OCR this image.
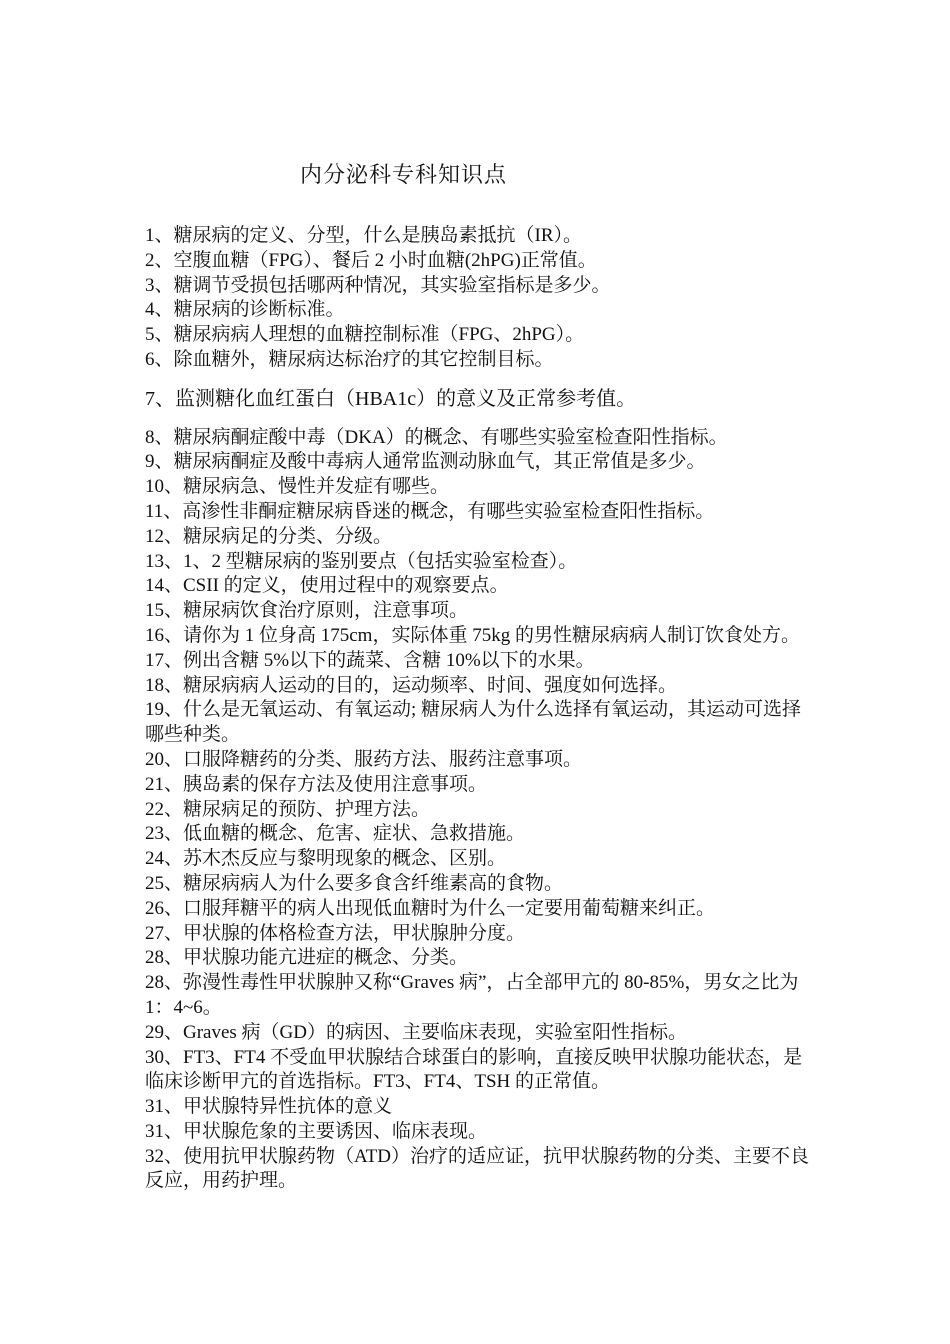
内分泌科专科知识点

1、糖尿病的定义、分型，什么是胰岛素抵抗（IR）。

2、空腹血糖（FPG）、餐后 2 小时血糖(2hPG)正常值。

3、糖调节受损包括哪两种情况，其实验室指标是多少。

4、糖尿病的诊断标准。

5、糖尿病病人理想的血糖控制标准（FPG、2hPG）。

6、除血糖外，糖尿病达标治疗的其它控制目标。

7、监测糖化血红蛋白（HBA1c）的意义及正常参考值。

8、糖尿病酮症酸中毒（DKA）的概念、有哪些实验室检查阳性指标。

9、糖尿病酮症及酸中毒病人通常监测动脉血气，其正常值是多少。

10、糖尿病急、慢性并发症有哪些。

11、高渗性非酮症糖尿病昏迷的概念，有哪些实验室检查阳性指标。

12、糖尿病足的分类、分级。

13、1、2 型糖尿病的鉴别要点（包括实验室检查）。

14、CSII 的定义，使用过程中的观察要点。

15、糖尿病饮食治疗原则，注意事项。

16、请你为 1 位身高 175cm，实际体重 75kg 的男性糖尿病病人制订饮食处方。

17、例出含糖 5%以下的蔬菜、含糖 10%以下的水果。

18、糖尿病病人运动的目的，运动频率、时间、强度如何选择。

19、什么是无氧运动、有氧运动; 糖尿病人为什么选择有氧运动，其运动可选择哪些种类。

20、口服降糖药的分类、服药方法、服药注意事项。

21、胰岛素的保存方法及使用注意事项。

22、糖尿病足的预防、护理方法。

23、低血糖的概念、危害、症状、急救措施。

24、苏木杰反应与黎明现象的概念、区别。

25、糖尿病病人为什么要多食含纤维素高的食物。

26、口服拜糖平的病人出现低血糖时为什么一定要用葡萄糖来纠正。

27、甲状腺的体格检查方法，甲状腺肿分度。

28、甲状腺功能亢进症的概念、分类。

28、弥漫性毒性甲状腺肿又称“Graves 病”，占全部甲亢的 80-85%，男女之比为 1：4~6。

29、Graves 病（GD）的病因、主要临床表现，实验室阳性指标。

30、FT3、FT4 不受血甲状腺结合球蛋白的影响，直接反映甲状腺功能状态，是临床诊断甲亢的首选指标。FT3、FT4、TSH 的正常值。

31、甲状腺特异性抗体的意义

31、甲状腺危象的主要诱因、临床表现。

32、使用抗甲状腺药物（ATD）治疗的适应证，抗甲状腺药物的分类、主要不良反应，用药护理。
